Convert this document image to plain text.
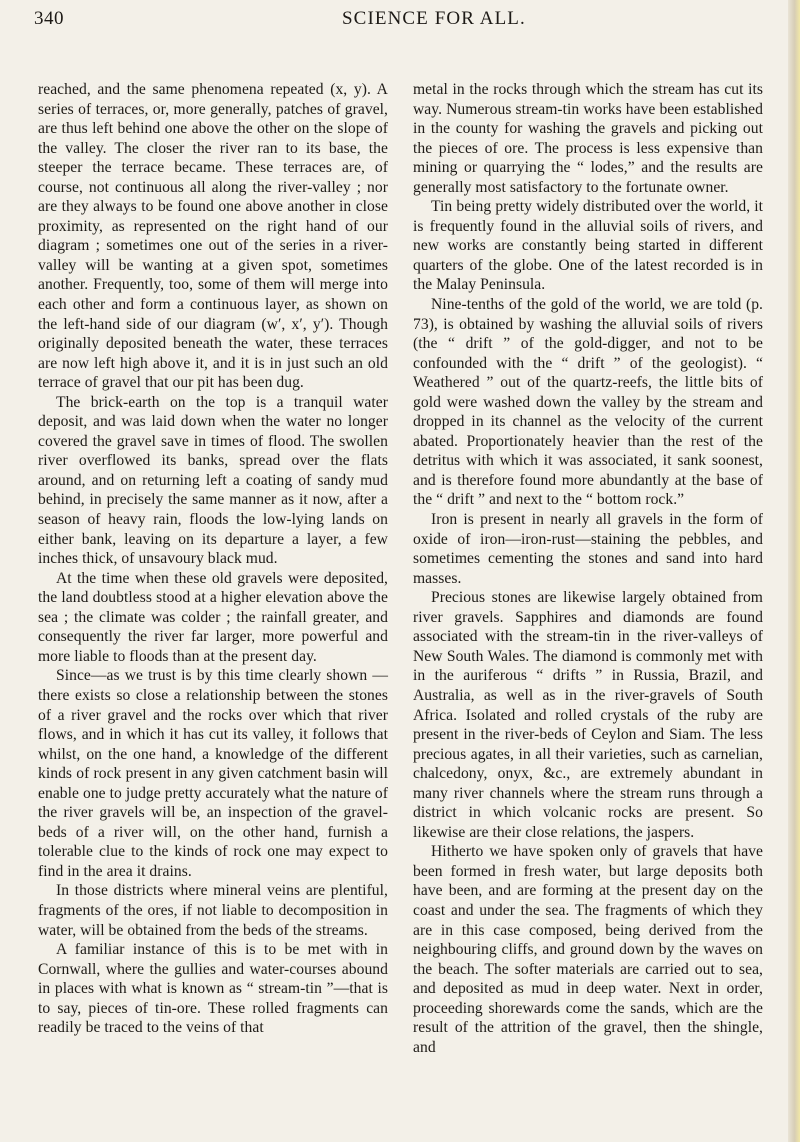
340	SCIENCE FOR ALL.

reached, and the same phenomena repeated (x, y). A series of terraces, or, more generally, patches of gravel, are thus left behind one above the other on the slope of the valley. The closer the river ran to its base, the steeper the terrace became. These terraces are, of course, not continuous all along the river-valley ; nor are they always to be found one above another in close proximity, as represented on the right hand of our diagram ; sometimes one out of the series in a river-valley will be wanting at a given spot, sometimes another. Frequently, too, some of them will merge into each other and form a continuous layer, as shown on the left-hand side of our diagram (w′, x′, y′). Though originally deposited beneath the water, these terraces are now left high above it, and it is in just such an old terrace of gravel that our pit has been dug.

The brick-earth on the top is a tranquil water deposit, and was laid down when the water no longer covered the gravel save in times of flood. The swollen river overflowed its banks, spread over the flats around, and on returning left a coating of sandy mud behind, in precisely the same manner as it now, after a season of heavy rain, floods the low-lying lands on either bank, leaving on its departure a layer, a few inches thick, of unsavoury black mud.

At the time when these old gravels were deposited, the land doubtless stood at a higher elevation above the sea ; the climate was colder ; the rainfall greater, and consequently the river far larger, more powerful and more liable to floods than at the present day.

Since—as we trust is by this time clearly shown —there exists so close a relationship between the stones of a river gravel and the rocks over which that river flows, and in which it has cut its valley, it follows that whilst, on the one hand, a knowledge of the different kinds of rock present in any given catchment basin will enable one to judge pretty accurately what the nature of the river gravels will be, an inspection of the gravel-beds of a river will, on the other hand, furnish a tolerable clue to the kinds of rock one may expect to find in the area it drains.

In those districts where mineral veins are plentiful, fragments of the ores, if not liable to decomposition in water, will be obtained from the beds of the streams.

A familiar instance of this is to be met with in Cornwall, where the gullies and water-courses abound in places with what is known as “ stream-tin ”—that is to say, pieces of tin-ore. These rolled fragments can readily be traced to the veins of that

metal in the rocks through which the stream has cut its way. Numerous stream-tin works have been established in the county for washing the gravels and picking out the pieces of ore. The process is less expensive than mining or quarrying the “ lodes,” and the results are generally most satisfactory to the fortunate owner.

Tin being pretty widely distributed over the world, it is frequently found in the alluvial soils of rivers, and new works are constantly being started in different quarters of the globe. One of the latest recorded is in the Malay Peninsula.

Nine-tenths of the gold of the world, we are told (p. 73), is obtained by washing the alluvial soils of rivers (the “ drift ” of the gold-digger, and not to be confounded with the “ drift ” of the geologist). “ Weathered ” out of the quartz-reefs, the little bits of gold were washed down the valley by the stream and dropped in its channel as the velocity of the current abated. Proportionately heavier than the rest of the detritus with which it was associated, it sank soonest, and is therefore found more abundantly at the base of the “ drift ” and next to the “ bottom rock.”

Iron is present in nearly all gravels in the form of oxide of iron—iron-rust—staining the pebbles, and sometimes cementing the stones and sand into hard masses.

Precious stones are likewise largely obtained from river gravels. Sapphires and diamonds are found associated with the stream-tin in the river-valleys of New South Wales. The diamond is commonly met with in the auriferous “ drifts ” in Russia, Brazil, and Australia, as well as in the river-gravels of South Africa. Isolated and rolled crystals of the ruby are present in the river-beds of Ceylon and Siam. The less precious agates, in all their varieties, such as carnelian, chalcedony, onyx, &c., are extremely abundant in many river channels where the stream runs through a district in which volcanic rocks are present. So likewise are their close relations, the jaspers.

Hitherto we have spoken only of gravels that have been formed in fresh water, but large deposits both have been, and are forming at the present day on the coast and under the sea. The fragments of which they are in this case composed, being derived from the neighbouring cliffs, and ground down by the waves on the beach. The softer materials are carried out to sea, and deposited as mud in deep water. Next in order, proceeding shorewards come the sands, which are the result of the attrition of the gravel, then the shingle, and
